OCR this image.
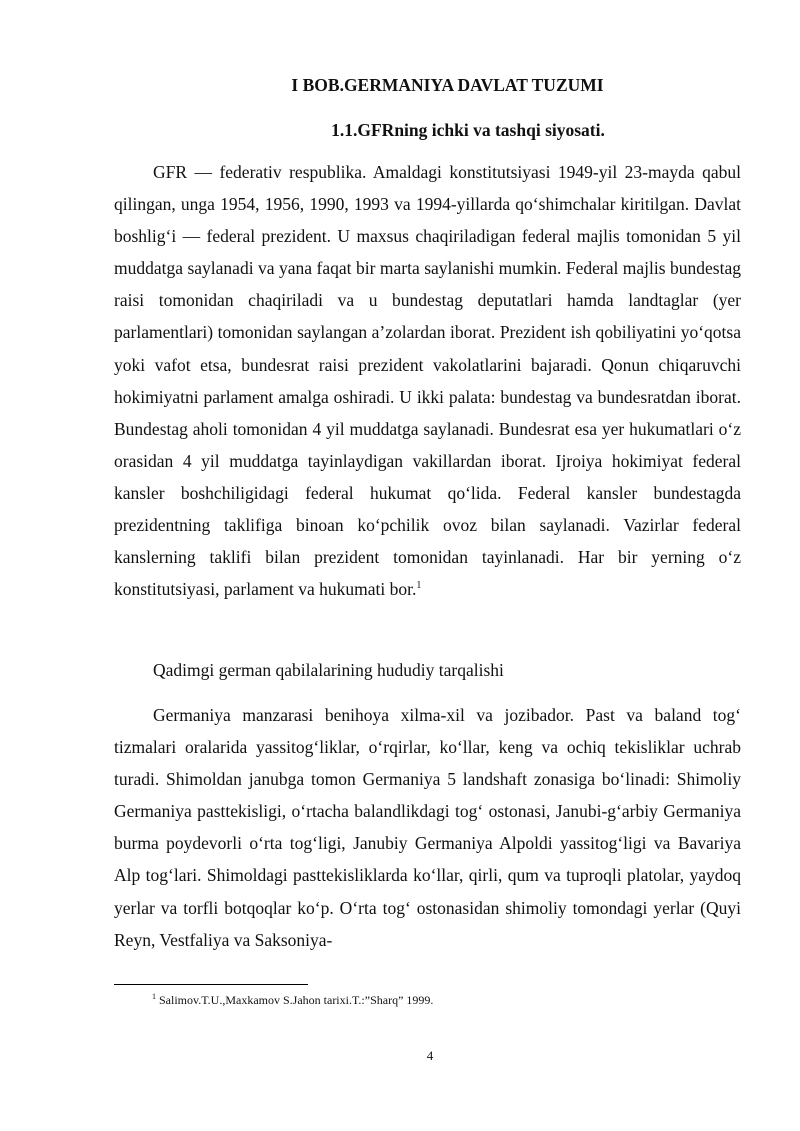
I BOB.GERMANIYA DAVLAT TUZUMI
1.1.GFRning ichki va tashqi siyosati.

GFR — federativ respublika. Amaldagi konstitutsiyasi 1949-yil 23-mayda qabul qilingan, unga 1954, 1956, 1990, 1993 va 1994-yillarda qo‘shimchalar kiritilgan. Davlat boshlig‘i — federal prezident. U maxsus chaqiriladigan federal majlis tomonidan 5 yil muddatga saylanadi va yana faqat bir marta saylanishi mumkin. Federal majlis bundestag raisi tomonidan chaqiriladi va u bundestag deputatlari hamda landtaglar (yer parlamentlari) tomonidan saylangan a’zolardan iborat. Prezident ish qobiliyatini yo‘qotsa yoki vafot etsa, bundesrat raisi prezident vakolatlarini bajaradi. Qonun chiqaruvchi hokimiyatni parlament amalga oshiradi. U ikki palata: bundestag va bundesratdan iborat. Bundestag aholi tomonidan 4 yil muddatga saylanadi. Bundesrat esa yer hukumatlari o‘z orasidan 4 yil muddatga tayinlaydigan vakillardan iborat. Ijroiya hokimiyat federal kansler boshchiligidagi federal hukumat qo‘lida. Federal kansler bundestagda prezidentning taklifiga binoan ko‘pchilik ovoz bilan saylanadi. Vazirlar federal kanslerning taklifi bilan prezident tomonidan tayinlanadi. Har bir yerning o‘z konstitutsiyasi, parlament va hukumati bor.$^1$

Qadimgi german qabilalarining hududiy tarqalishi

Germaniya manzarasi benihoya xilma-xil va jozibador. Past va baland tog‘ tizmalari oralarida yassitog‘liklar, o‘rqirlar, ko‘llar, keng va ochiq tekisliklar uchrab turadi. Shimoldan janubga tomon Germaniya 5 landshaft zonasiga bo‘linadi: Shimoliy Germaniya pasttekisligi, o‘rtacha balandlikdagi tog‘ ostonasi, Janubi-g‘arbiy Germaniya burma poydevorli o‘rta tog‘ligi, Janubiy Germaniya Alpoldi yassitog‘ligi va Bavariya Alp tog‘lari. Shimoldagi pasttekisliklarda ko‘llar, qirli, qum va tuproqli platolar, yaydoq yerlar va torfli botqoqlar ko‘p. O‘rta tog‘ ostonasidan shimoliy tomondagi yerlar (Quyi Reyn, Vestfaliya va Saksoniya-

$^1$ Salimov.T.U.,Maxkamov S.Jahon tarixi.T.:”Sharq” 1999.
4
